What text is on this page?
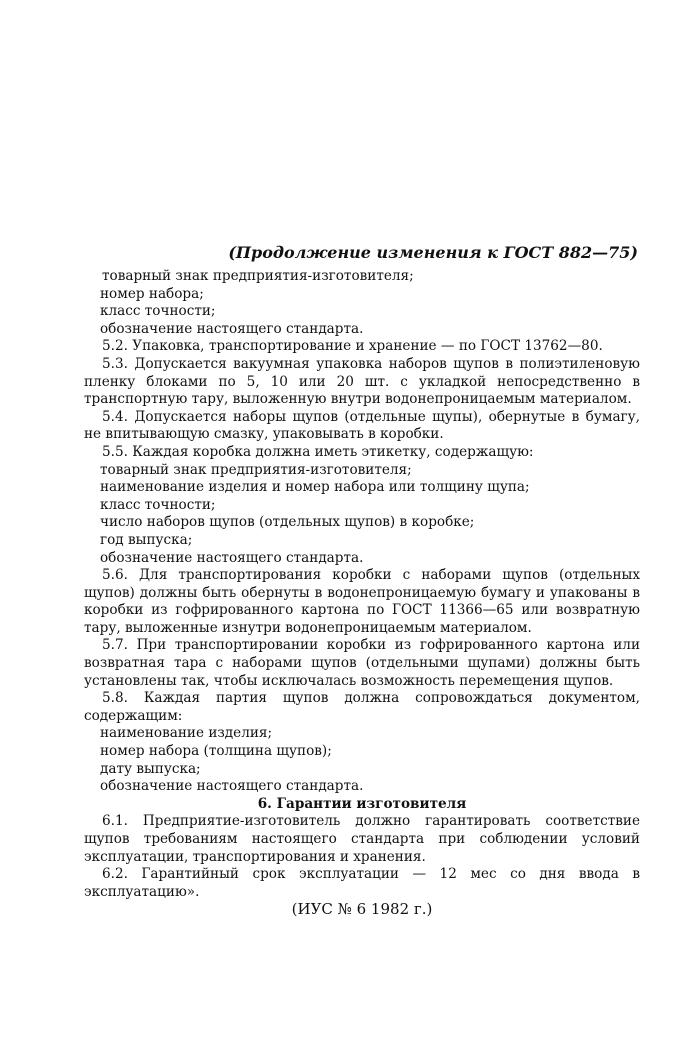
(Продолжение изменения к ГОСТ 882—75)

товарный знак предприятия-изготовителя;

номер набора;

класс точности;

обозначение настоящего стандарта.

5.2. Упаковка, транспортирование и хранение — по ГОСТ 13762—80.

5.3. Допускается вакуумная упаковка наборов щупов в полиэтиленовую пленку блоками по 5, 10 или 20 шт. с укладкой непосредственно в транспортную тару, выложенную внутри водонепроницаемым материалом.

5.4. Допускается наборы щупов (отдельные щупы), обернутые в бумагу, не впитывающую смазку, упаковывать в коробки.

5.5. Каждая коробка должна иметь этикетку, содержащую:

товарный знак предприятия-изготовителя;

наименование изделия и номер набора или толщину щупа;

класс точности;

число наборов щупов (отдельных щупов) в коробке;

год выпуска;

обозначение настоящего стандарта.

5.6. Для транспортирования коробки с наборами щупов (отдельных щупов) должны быть обернуты в водонепроницаемую бумагу и упакованы в коробки из гофрированного картона по ГОСТ 11366—65 или возвратную тару, выложенные изнутри водонепроницаемым материалом.

5.7. При транспортировании коробки из гофрированного картона или возвратная тара с наборами щупов (отдельными щупами) должны быть установлены так, чтобы исключалась возможность перемещения щупов.

5.8. Каждая партия щупов должна сопровождаться документом, содержащим:

наименование изделия;

номер набора (толщина щупов);

дату выпуска;

обозначение настоящего стандарта.

6. Гарантии изготовителя

6.1. Предприятие-изготовитель должно гарантировать соответствие щупов требованиям настоящего стандарта при соблюдении условий эксплуатации, транспортирования и хранения.

6.2. Гарантийный срок эксплуатации — 12 мес со дня ввода в эксплуатацию».

(ИУС № 6 1982 г.)
